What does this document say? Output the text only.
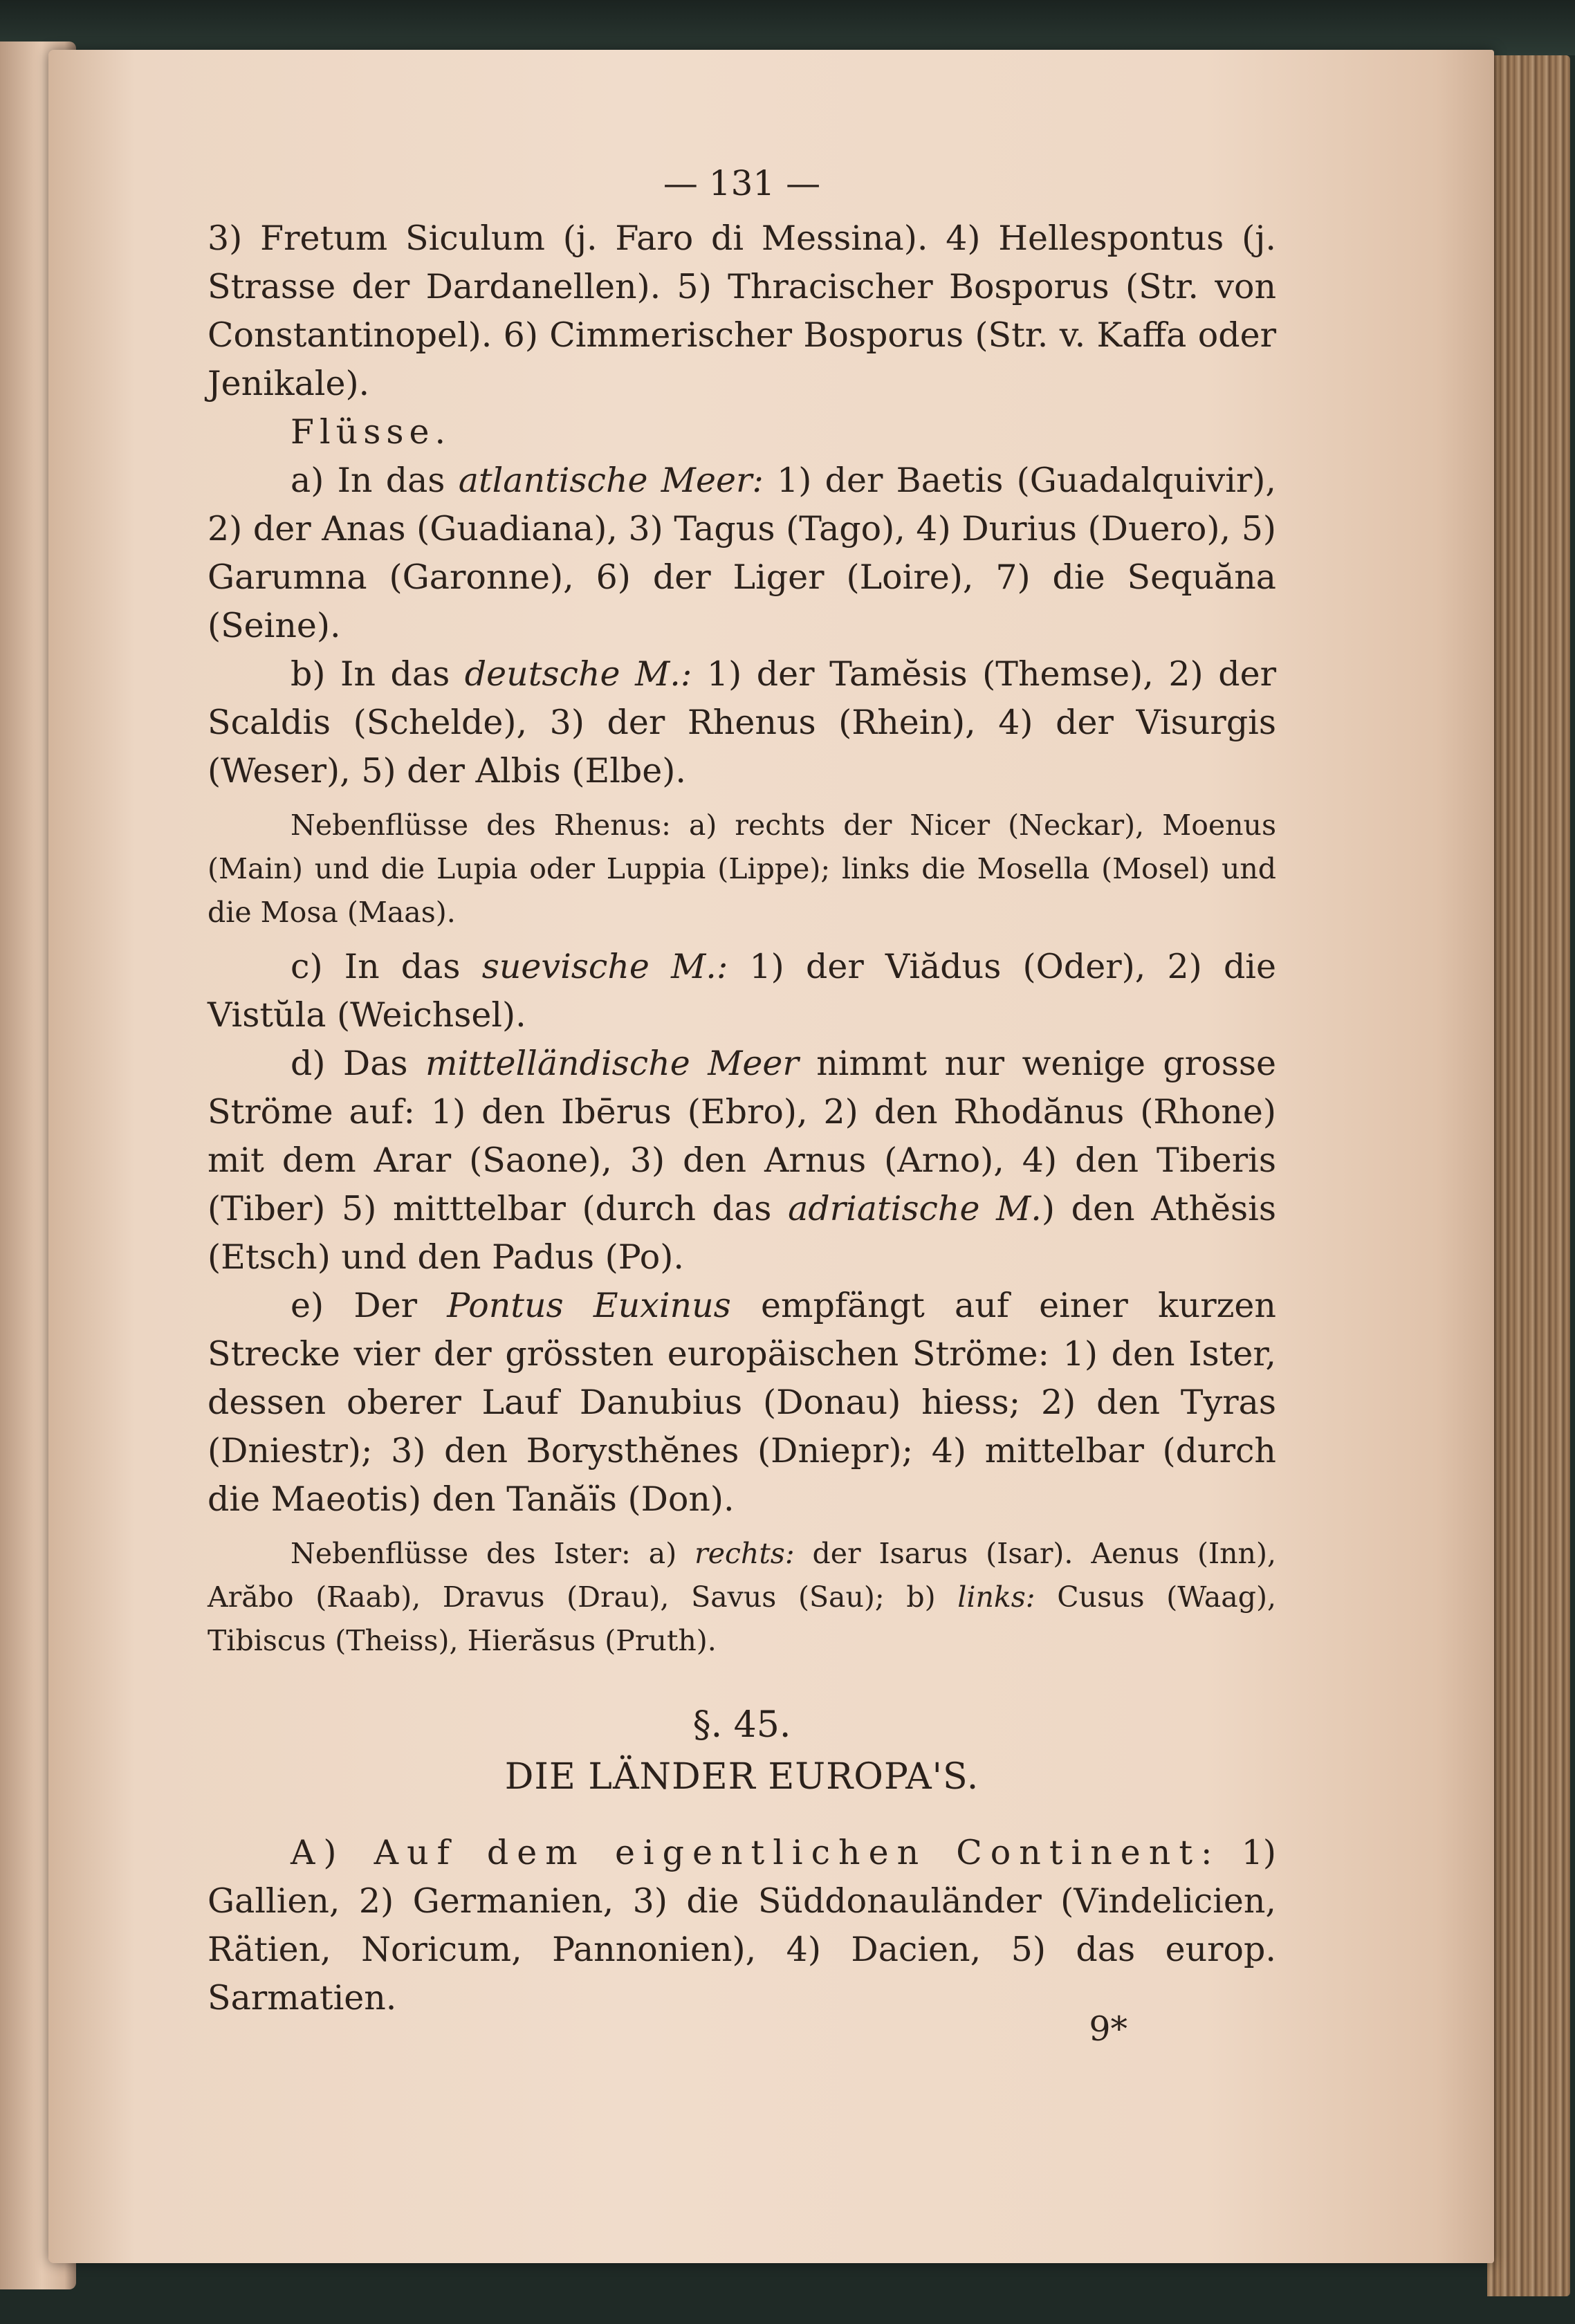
— 131 —

3) Fretum Siculum (j. Faro di Messina). 4) Hellespontus (j. Strasse der Dardanellen). 5) Thracischer Bosporus (Str. von Constantinopel). 6) Cimmerischer Bosporus (Str. v. Kaffa oder Jenikale).

Flüsse.

a) In das atlantische Meer: 1) der Baetis (Guadalquivir), 2) der Anas (Guadiana), 3) Tagus (Tago), 4) Durius (Duero), 5) Garumna (Garonne), 6) der Liger (Loire), 7) die Sequăna (Seine).

b) In das deutsche M.: 1) der Tamĕsis (Themse), 2) der Scaldis (Schelde), 3) der Rhenus (Rhein), 4) der Visurgis (Weser), 5) der Albis (Elbe).

Nebenflüsse des Rhenus: a) rechts der Nicer (Neckar), Moenus (Main) und die Lupia oder Luppia (Lippe); links die Mosella (Mosel) und die Mosa (Maas).

c) In das suevische M.: 1) der Viădus (Oder), 2) die Vistŭla (Weichsel).

d) Das mittelländische Meer nimmt nur wenige grosse Ströme auf: 1) den Ibērus (Ebro), 2) den Rhodănus (Rhone) mit dem Arar (Saone), 3) den Arnus (Arno), 4) den Tiberis (Tiber) 5) mitttelbar (durch das adriatische M.) den Athĕsis (Etsch) und den Padus (Po).

e) Der Pontus Euxinus empfängt auf einer kurzen Strecke vier der grössten europäischen Ströme: 1) den Ister, dessen oberer Lauf Danubius (Donau) hiess; 2) den Tyras (Dniestr); 3) den Borysthĕnes (Dniepr); 4) mittelbar (durch die Maeotis) den Tanăïs (Don).

Nebenflüsse des Ister: a) rechts: der Isarus (Isar). Aenus (Inn), Arăbo (Raab), Dravus (Drau), Savus (Sau); b) links: Cusus (Waag), Tibiscus (Theiss), Hierăsus (Pruth).

§. 45.

DIE LÄNDER EUROPA'S.

A) Auf dem eigentlichen Continent: 1) Gallien, 2) Germanien, 3) die Süddonauländer (Vindelicien, Rätien, Noricum, Pannonien), 4) Dacien, 5) das europ. Sarmatien.

9*
